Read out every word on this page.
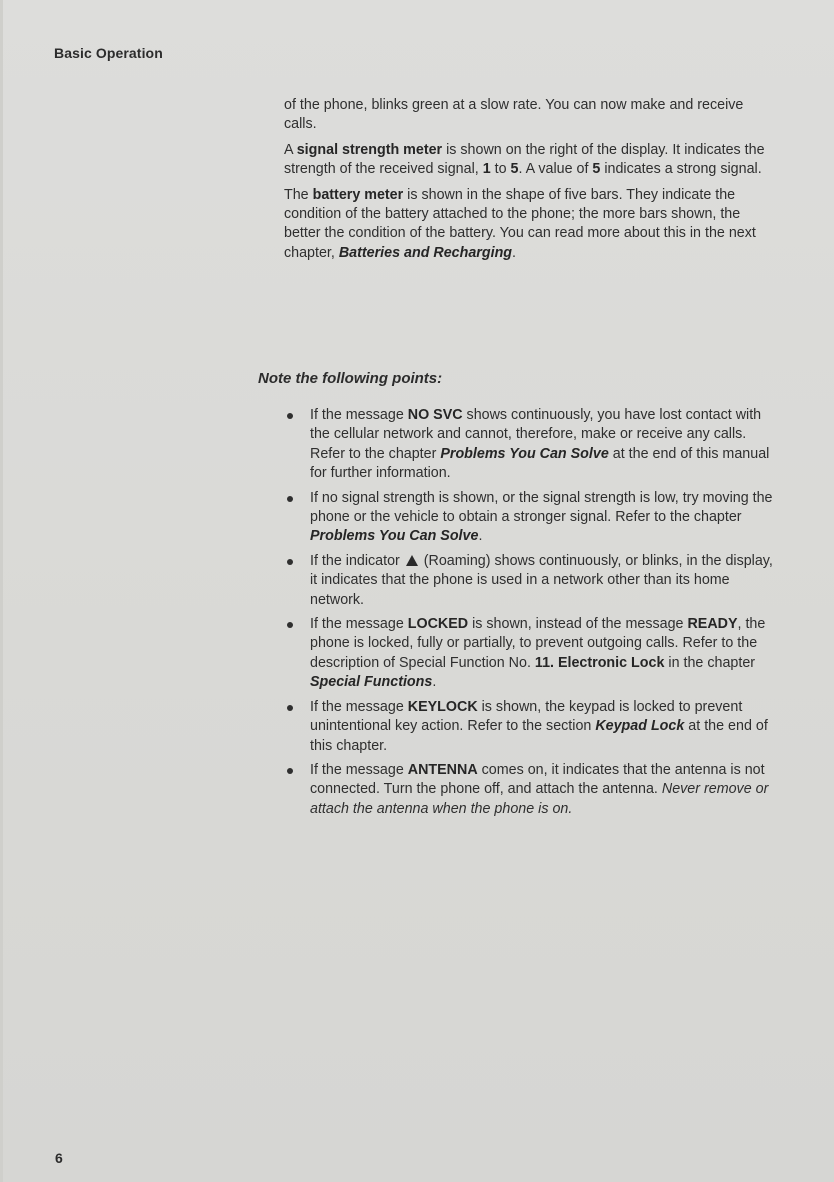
Basic Operation

of the phone, blinks green at a slow rate. You can now make and receive calls.

A signal strength meter is shown on the right of the display. It indicates the strength of the received signal, 1 to 5. A value of 5 indicates a strong signal.

The battery meter is shown in the shape of five bars. They indicate the condition of the battery attached to the phone; the more bars shown, the better the condition of the battery. You can read more about this in the next chapter, Batteries and Recharging.

Note the following points:
If the message NO SVC shows continuously, you have lost contact with the cellular network and cannot, therefore, make or receive any calls. Refer to the chapter Problems You Can Solve at the end of this manual for further information.
If no signal strength is shown, or the signal strength is low, try moving the phone or the vehicle to obtain a stronger signal. Refer to the chapter Problems You Can Solve.
If the indicator  (Roaming) shows continuously, or blinks, in the display, it indicates that the phone is used in a network other than its home network.
If the message LOCKED is shown, instead of the message READY, the phone is locked, fully or partially, to prevent outgoing calls. Refer to the description of Special Function No. 11. Electronic Lock in the chapter Special Functions.
If the message KEYLOCK is shown, the keypad is locked to prevent unintentional key action. Refer to the section Keypad Lock at the end of this chapter.
If the message ANTENNA comes on, it indicates that the antenna is not connected. Turn the phone off, and attach the antenna. Never remove or attach the antenna when the phone is on.
6
